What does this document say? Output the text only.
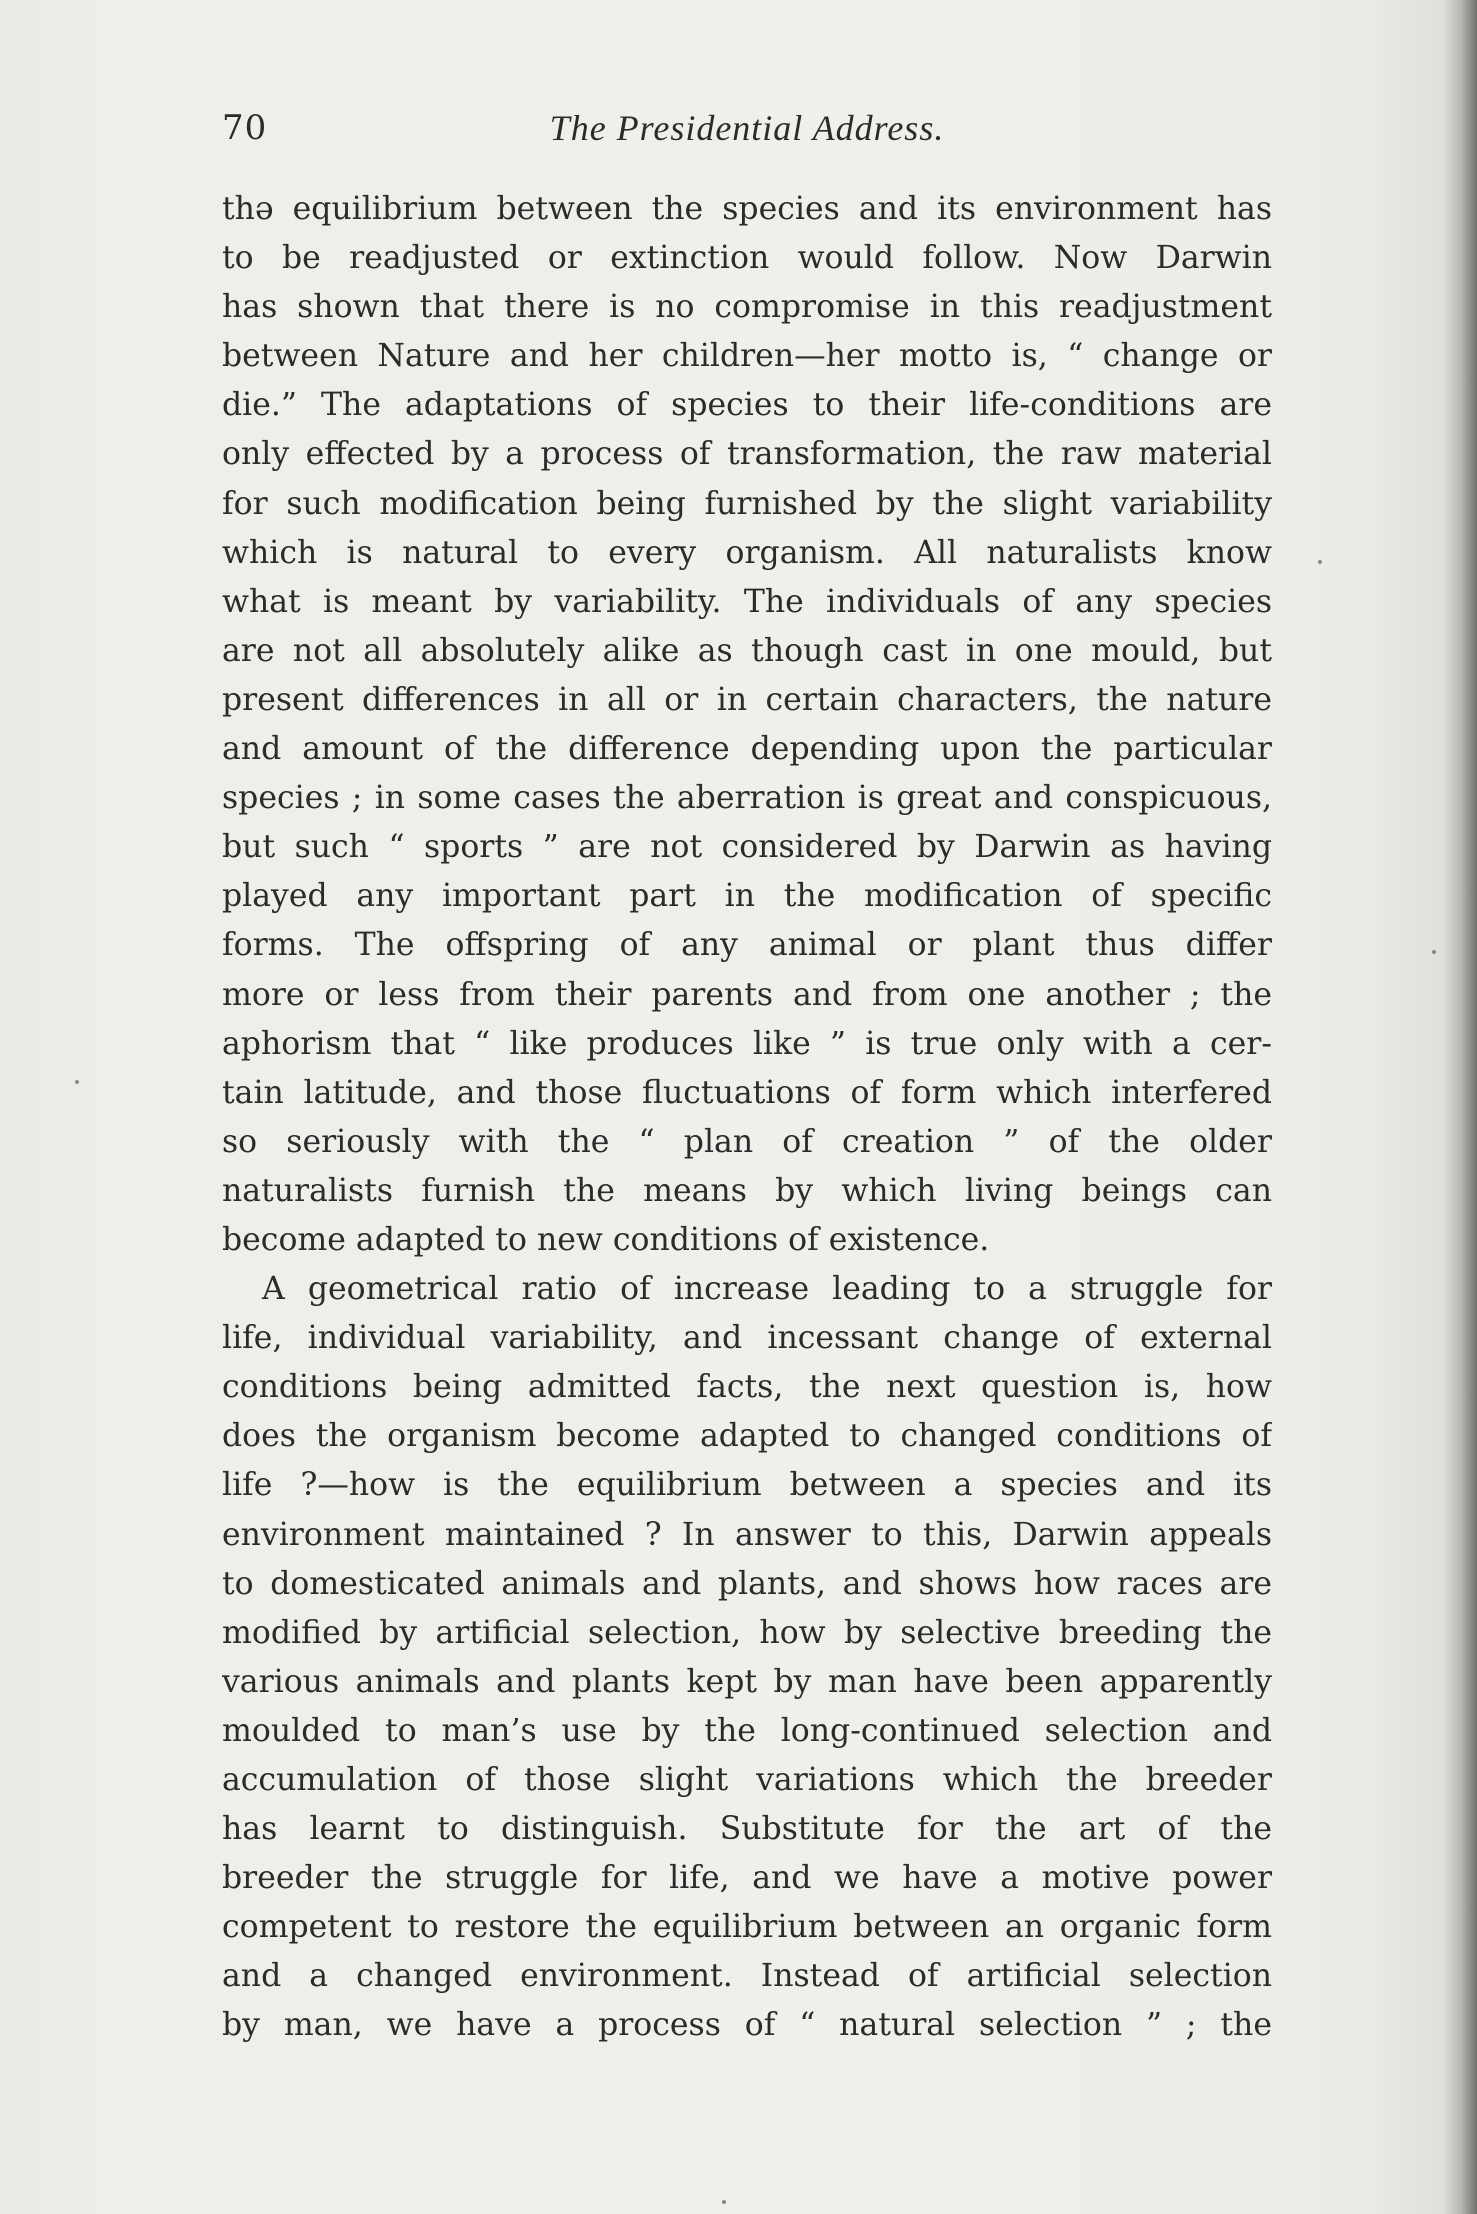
70	The Presidential Address.
thə equilibrium between the species and its environment has
to be readjusted or extinction would follow. Now Darwin
has shown that there is no compromise in this readjustment
between Nature and her children—her motto is, “ change or
die.” The adaptations of species to their life-conditions are
only effected by a process of transformation, the raw material
for such modification being furnished by the slight variability
which is natural to every organism. All naturalists know
what is meant by variability. The individuals of any species
are not all absolutely alike as though cast in one mould, but
present differences in all or in certain characters, the nature
and amount of the difference depending upon the particular
species ; in some cases the aberration is great and conspicuous,
but such “ sports ” are not considered by Darwin as having
played any important part in the modification of specific
forms. The offspring of any animal or plant thus differ
more or less from their parents and from one another ; the
aphorism that “ like produces like ” is true only with a cer-
tain latitude, and those fluctuations of form which interfered
so seriously with the “ plan of creation ” of the older
naturalists furnish the means by which living beings can
become adapted to new conditions of existence.
A geometrical ratio of increase leading to a struggle for
life, individual variability, and incessant change of external
conditions being admitted facts, the next question is, how
does the organism become adapted to changed conditions of
life ?—how is the equilibrium between a species and its
environment maintained ? In answer to this, Darwin appeals
to domesticated animals and plants, and shows how races are
modified by artificial selection, how by selective breeding the
various animals and plants kept by man have been apparently
moulded to man’s use by the long-continued selection and
accumulation of those slight variations which the breeder
has learnt to distinguish. Substitute for the art of the
breeder the struggle for life, and we have a motive power
competent to restore the equilibrium between an organic form
and a changed environment. Instead of artificial selection
by man, we have a process of “ natural selection ” ; the
